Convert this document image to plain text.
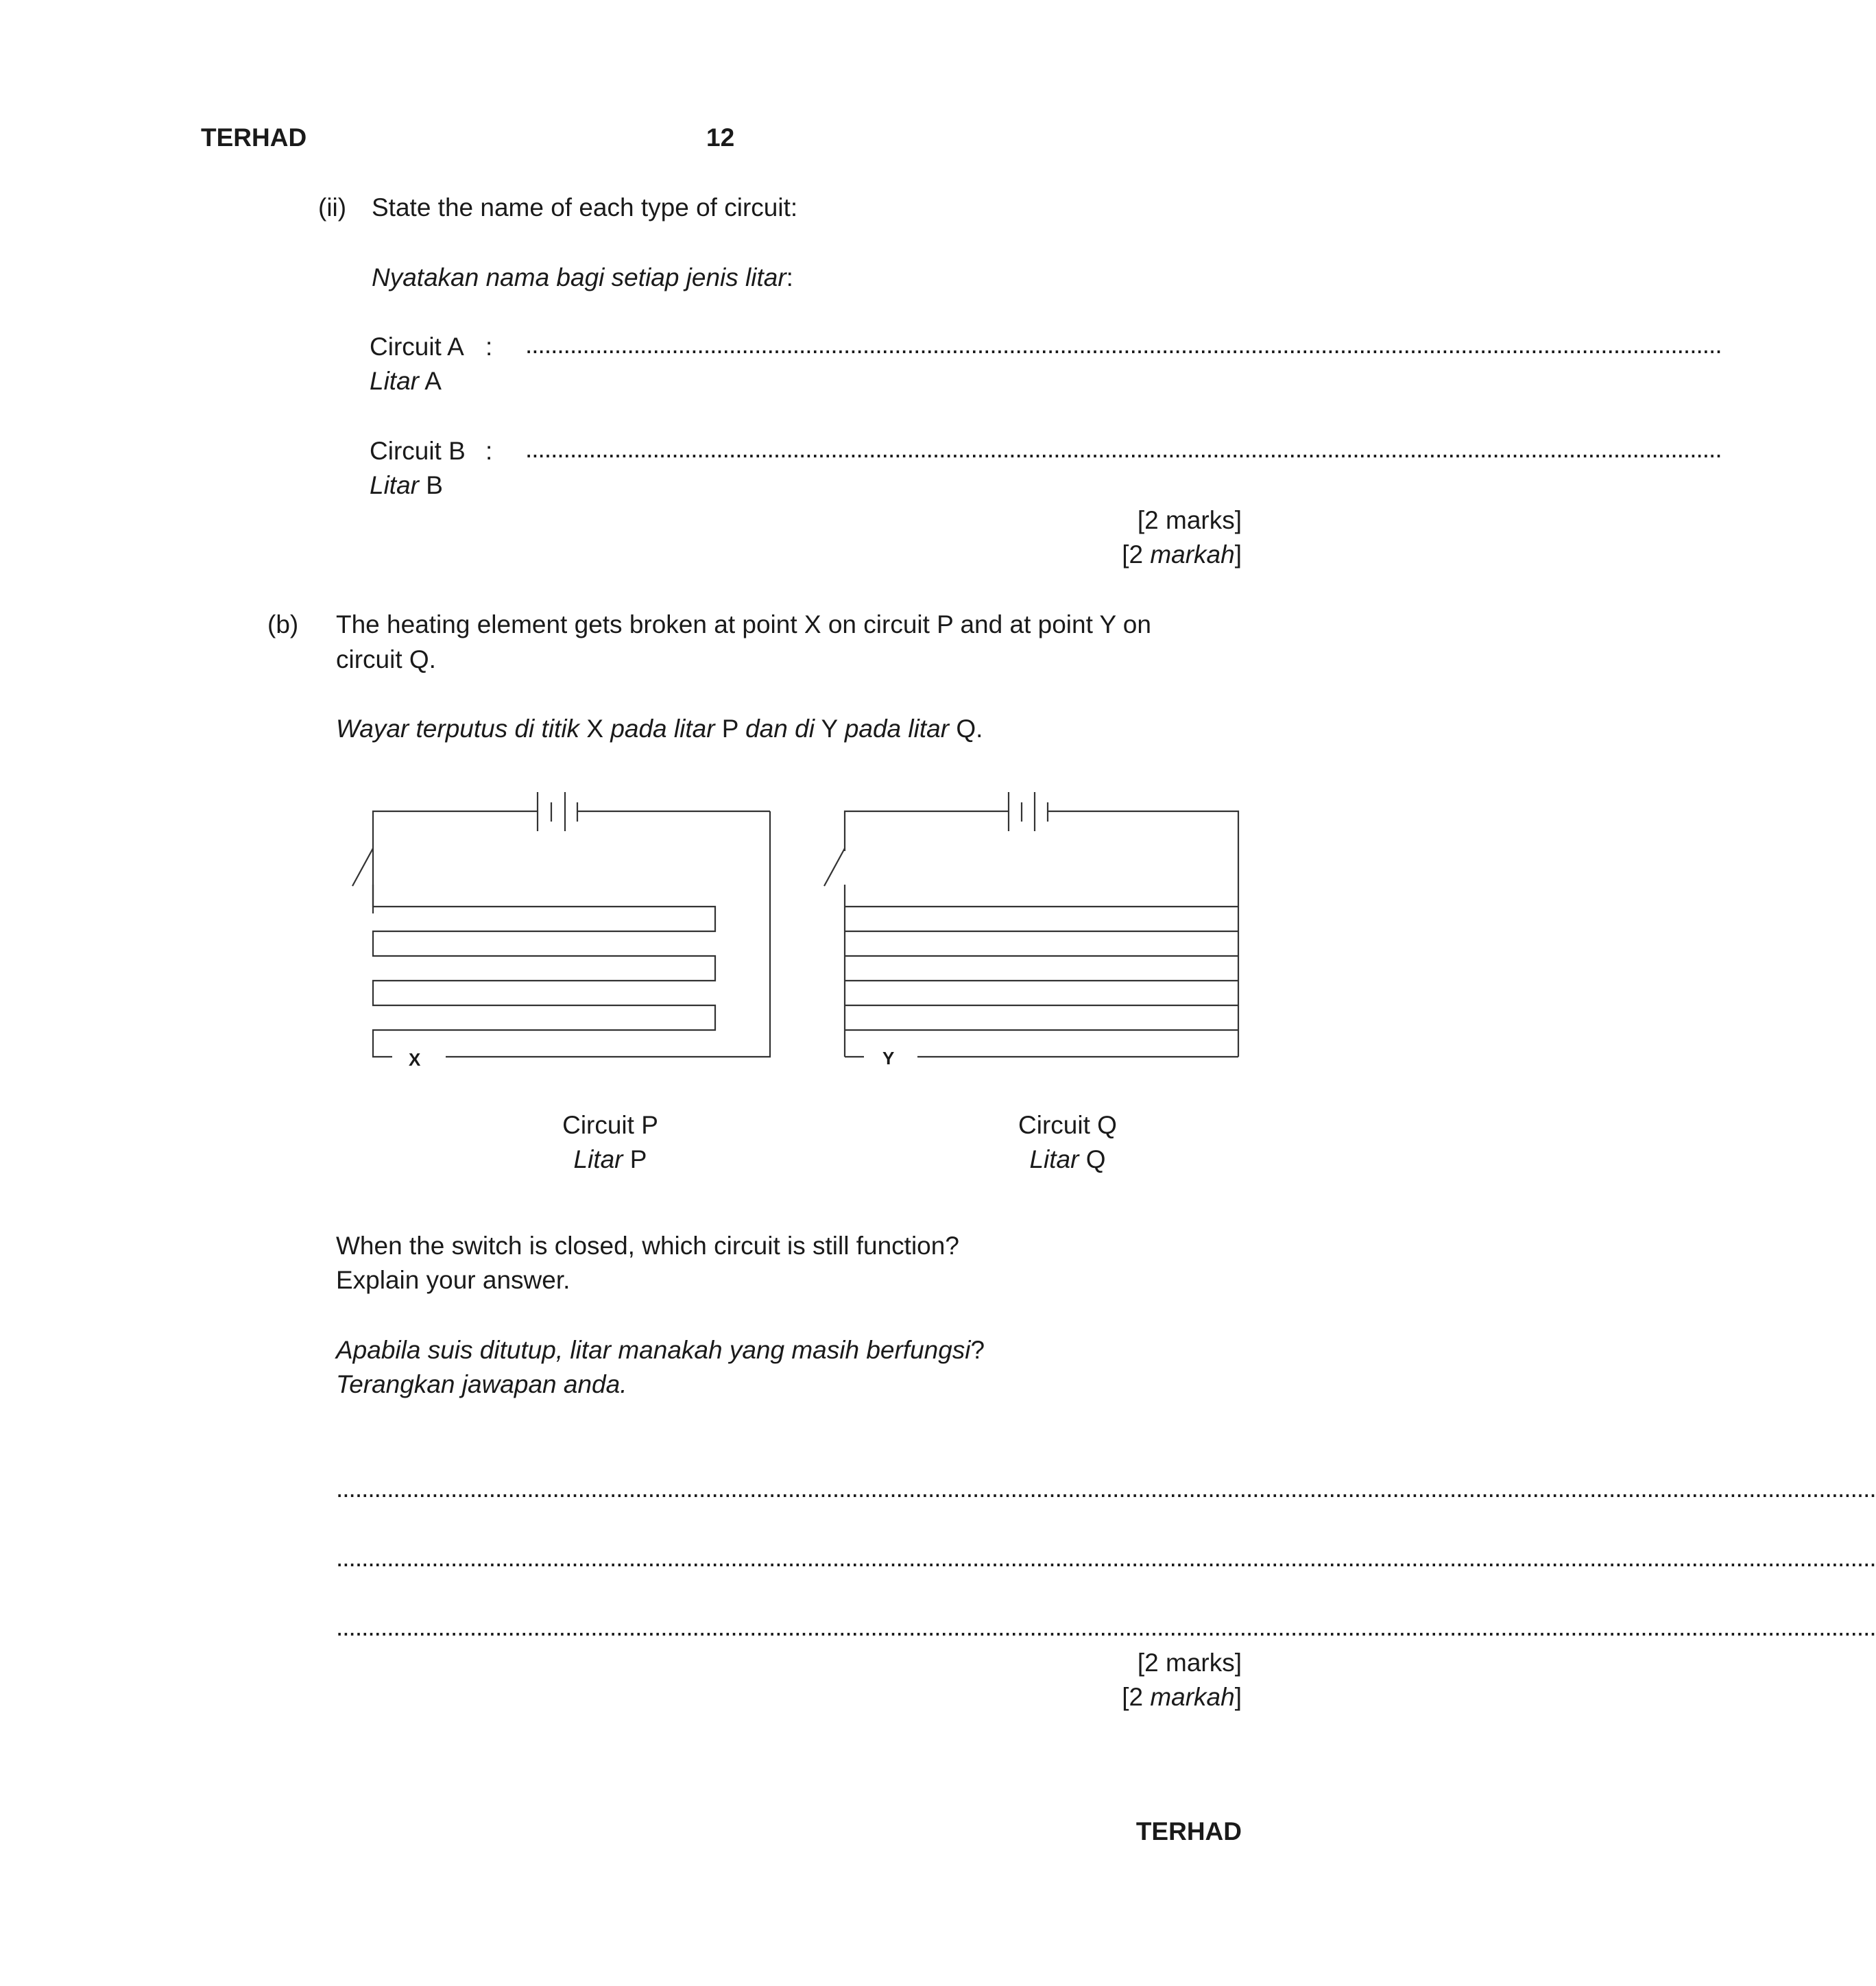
TERHAD	12
(ii) State the name of each type of circuit:
Nyatakan nama bagi setiap jenis litar:
Circuit A : ............................................................................................................................................................................................
Litar A
Circuit B : ............................................................................................................................................................................................
Litar B
[2 marks]
[2 markah]
(b) The heating element gets broken at point X on circuit P and at point Y on
circuit Q.
Wayar terputus di titik X pada litar P dan di Y pada litar Q.
X	Y
Circuit P
Litar P
Circuit Q
Litar Q
When the switch is closed, which circuit is still function?
Explain your answer.
Apabila suis ditutup, litar manakah yang masih berfungsi?
Terangkan jawapan anda.
..................................................................................................................................................................................................................................................
..................................................................................................................................................................................................................................................
..................................................................................................................................................................................................................................................
[2 marks]
[2 markah]
TERHAD
